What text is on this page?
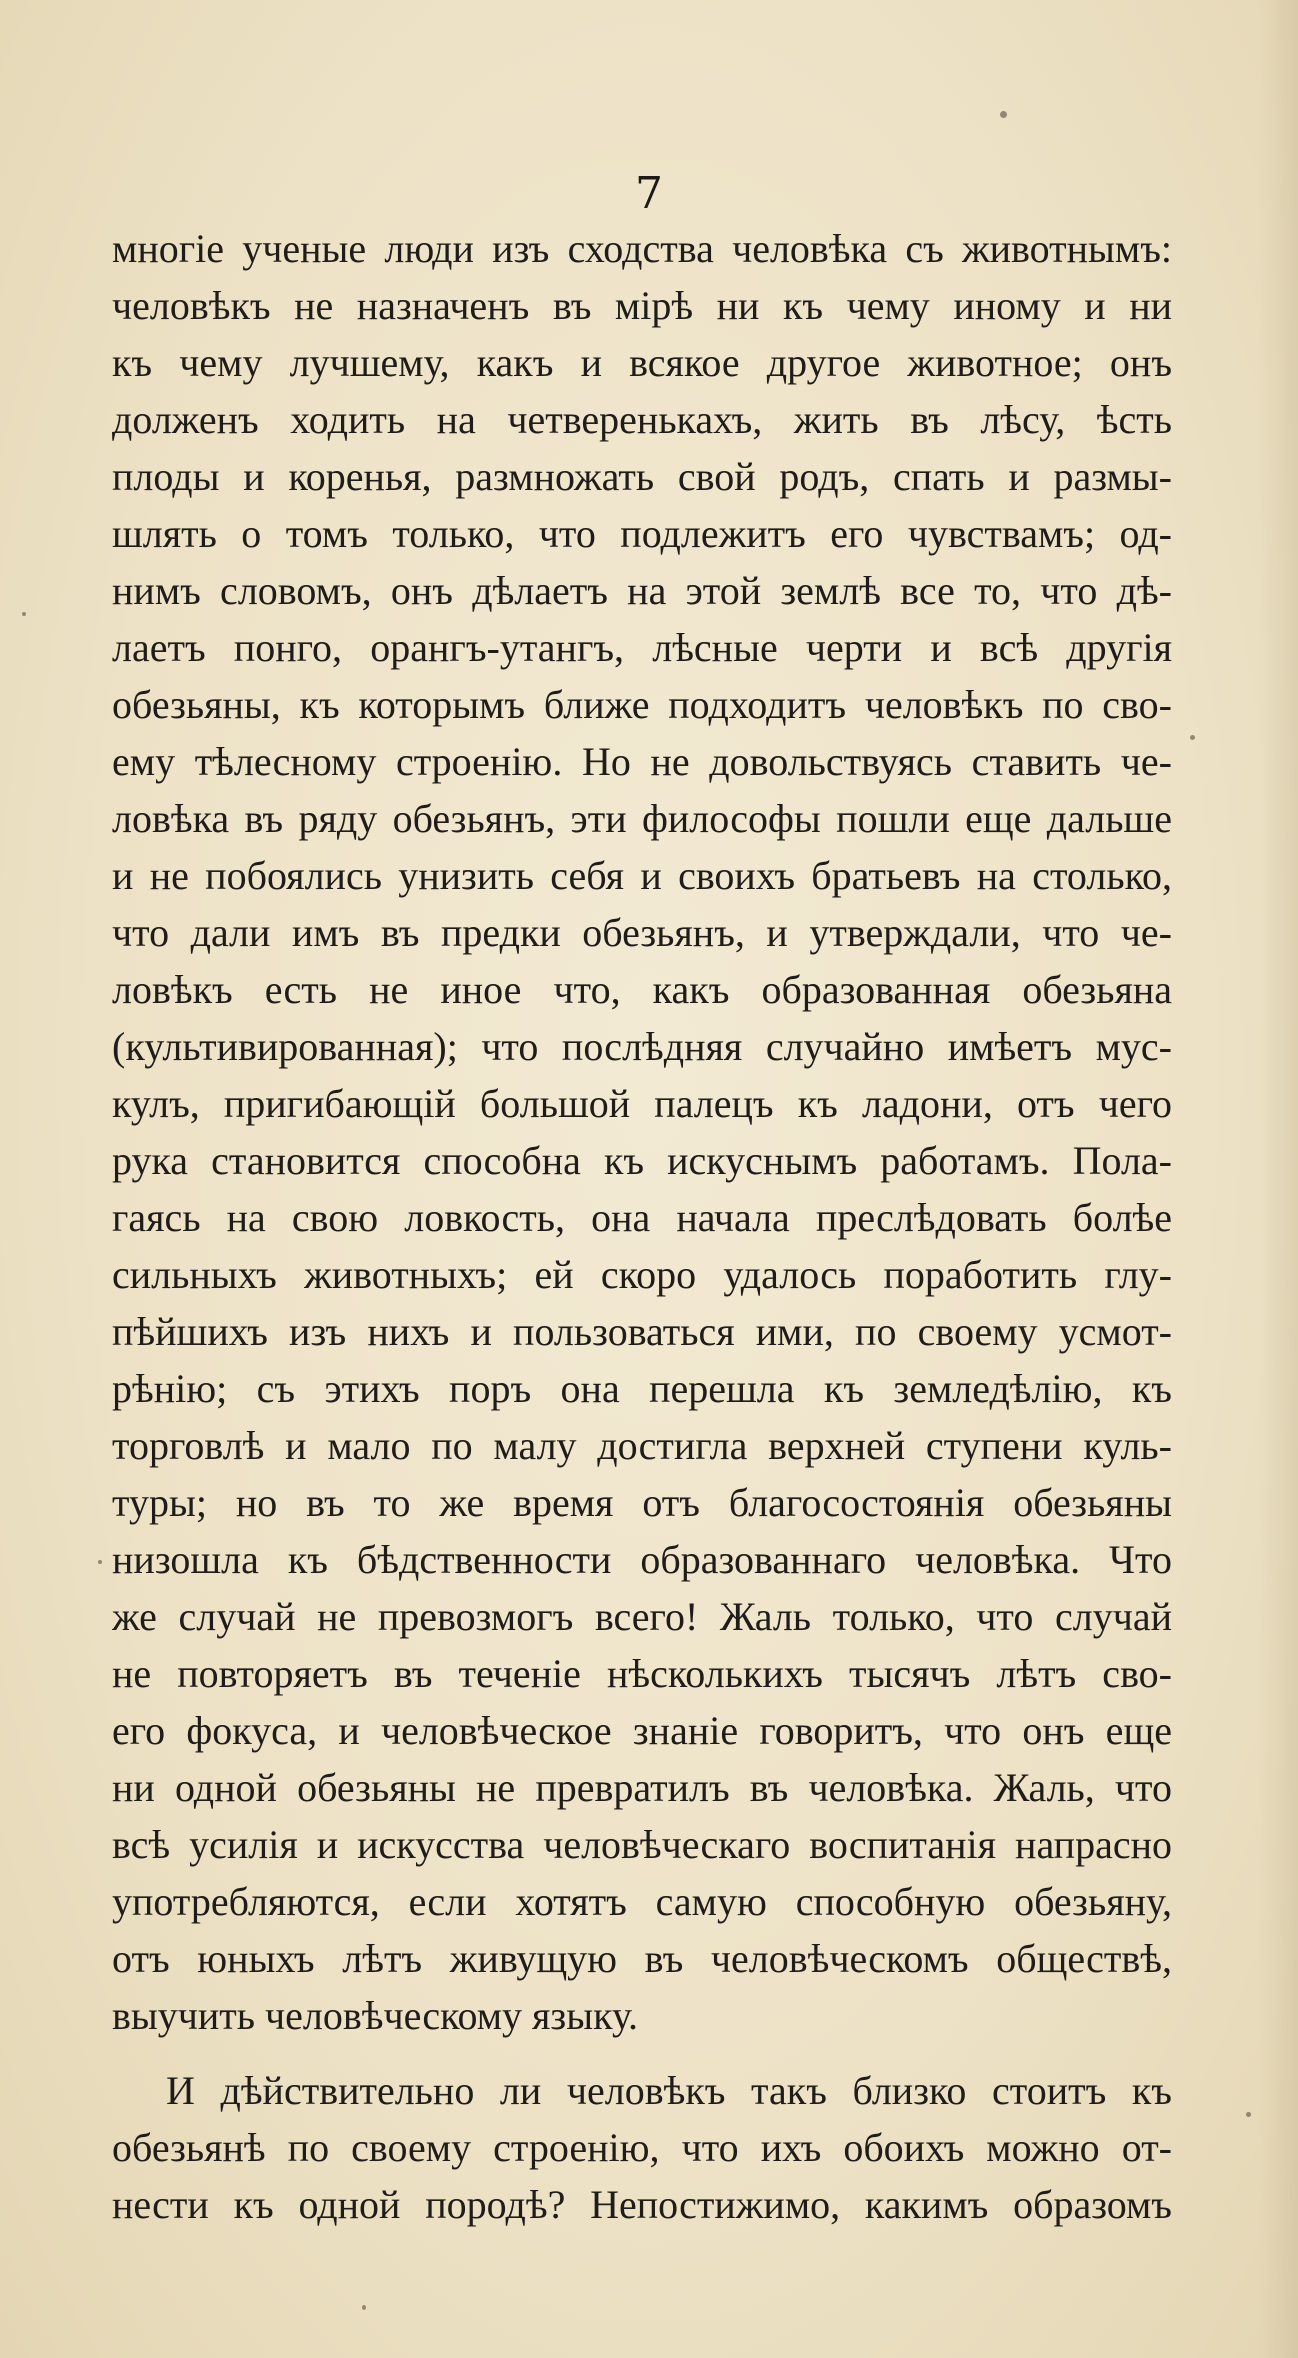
7
многіе ученые люди изъ сходства человѣка съ животнымъ:
человѣкъ не назначенъ въ мірѣ ни къ чему иному и ни
къ чему лучшему, какъ и всякое другое животное; онъ
долженъ ходить на четверенькахъ, жить въ лѣсу, ѣсть
плоды и коренья, размножать свой родъ, спать и размы-
шлять о томъ только, что подлежитъ его чувствамъ; од-
нимъ словомъ, онъ дѣлаетъ на этой землѣ все то, что дѣ-
лаетъ понго, орангъ-утангъ, лѣсные черти и всѣ другія
обезьяны, къ которымъ ближе подходитъ человѣкъ по сво-
ему тѣлесному строенію. Но не довольствуясь ставить че-
ловѣка въ ряду обезьянъ, эти философы пошли еще дальше
и не побоялись унизить себя и своихъ братьевъ на столько,
что дали имъ въ предки обезьянъ, и утверждали, что че-
ловѣкъ есть не иное что, какъ образованная обезьяна
(культивированная); что послѣдняя случайно имѣетъ мус-
кулъ, пригибающій большой палецъ къ ладони, отъ чего
рука становится способна къ искуснымъ работамъ. Пола-
гаясь на свою ловкость, она начала преслѣдовать болѣе
сильныхъ животныхъ; ей скоро удалось поработить глу-
пѣйшихъ изъ нихъ и пользоваться ими, по своему усмот-
рѣнію; съ этихъ поръ она перешла къ земледѣлію, къ
торговлѣ и мало по малу достигла верхней ступени куль-
туры; но въ то же время отъ благосостоянія обезьяны
низошла къ бѣдственности образованнаго человѣка. Что
же случай не превозмогъ всего! Жаль только, что случай
не повторяетъ въ теченіе нѣсколькихъ тысячъ лѣтъ сво-
его фокуса, и человѣческое знаніе говоритъ, что онъ еще
ни одной обезьяны не превратилъ въ человѣка. Жаль, что
всѣ усилія и искусства человѣческаго воспитанія напрасно
употребляются, если хотятъ самую способную обезьяну,
отъ юныхъ лѣтъ живущую въ человѣческомъ обществѣ,
выучить человѣческому языку.
И дѣйствительно ли человѣкъ такъ близко стоитъ къ
обезьянѣ по своему строенію, что ихъ обоихъ можно от-
нести къ одной породѣ? Непостижимо, какимъ образомъ
